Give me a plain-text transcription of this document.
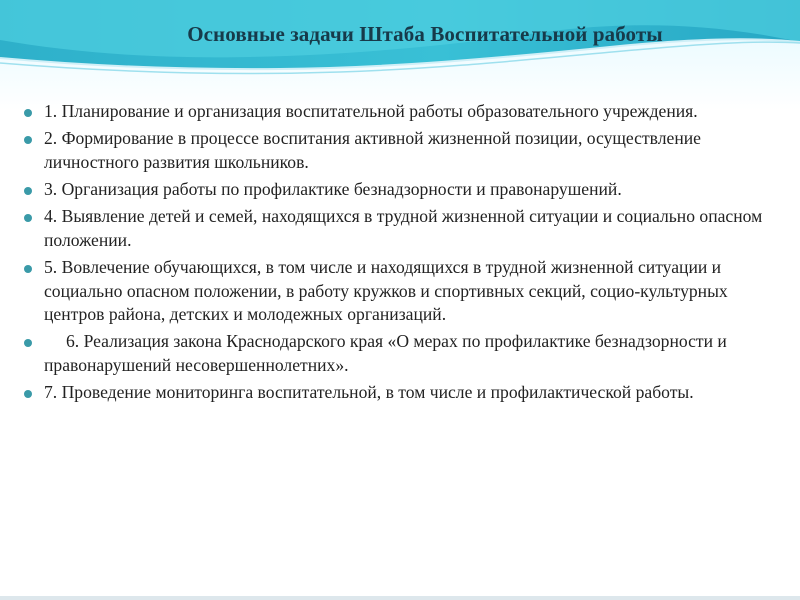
Основные задачи Штаба Воспитательной работы
1. Планирование и организация воспитательной работы образовательного учреждения.
2. Формирование в процессе воспитания активной жизненной позиции, осуществление личностного развития школьников.
3. Организация работы по профилактике безнадзорности и правонарушений.
4. Выявление детей и семей, находящихся в трудной жизненной ситуации и социально опасном положении.
5. Вовлечение обучающихся, в том числе и находящихся в трудной жизненной ситуации и социально опасном положении, в работу кружков и спортивных секций, социо-культурных центров района, детских и молодежных организаций.
6. Реализация закона Краснодарского края «О мерах по профилактике безнадзорности и правонарушений несовершеннолетних».
7. Проведение мониторинга воспитательной, в том числе и профилактической работы.
